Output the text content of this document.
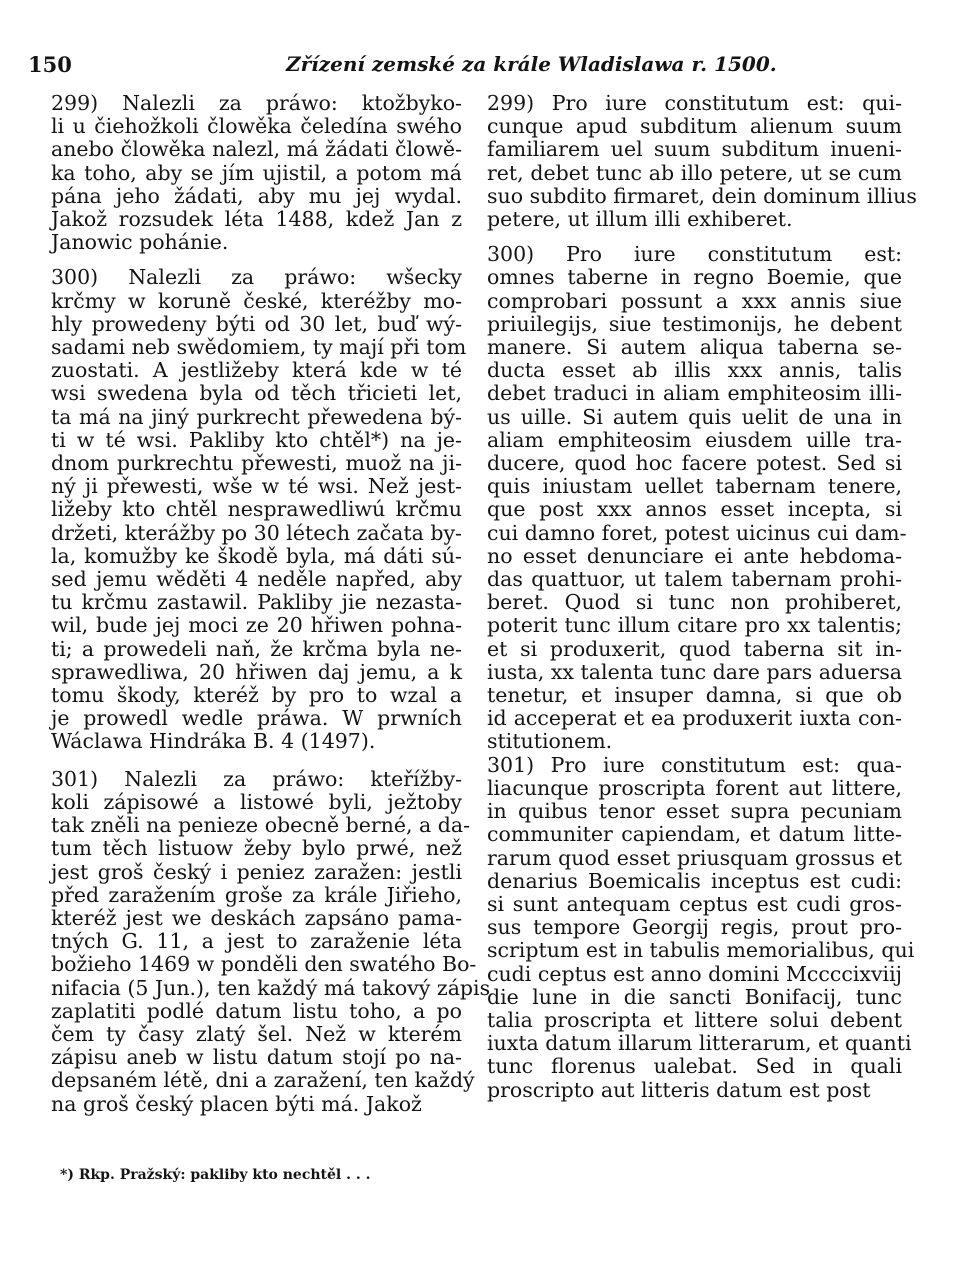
150	Zřízení zemské za krále Wladislawa r. 1500.
299) Nalezli za práwo: ktožbyko-
li u čiehožkoli člowěka čeledína swého
anebo člowěka nalezl, má žádati člowě-
ka toho, aby se jím ujistil, a potom má
pána jeho žádati, aby mu jej wydal.
Jakož rozsudek léta 1488, kdež Jan z
Janowic pohánie.
300) Nalezli za práwo: wšecky
krčmy w koruně české, kteréžby mo-
hly prowedeny býti od 30 let, buď wý-
sadami neb swědomiem, ty mají při tom
zuostati. A jestližeby která kde w té
wsi swedena byla od těch třicieti let,
ta má na jiný purkrecht přewedena bý-
ti w té wsi. Pakliby kto chtěl*) na je-
dnom purkrechtu přewesti, muož na ji-
ný ji přewesti, wše w té wsi. Než jest-
ližeby kto chtěl nesprawedliwú krčmu
držeti, kterážby po 30 létech začata by-
la, komužby ke škodě byla, má dáti sú-
sed jemu wěděti 4 neděle napřed, aby
tu krčmu zastawil. Pakliby jie nezasta-
wil, bude jej moci ze 20 hřiwen pohna-
ti; a prowedeli naň, že krčma byla ne-
sprawedliwa, 20 hřiwen daj jemu, a k
tomu škody, kteréž by pro to wzal a
je prowedl wedle práwa. W prwních
Wáclawa Hindráka B. 4 (1497).
301) Nalezli za práwo: kteřížby-
koli zápisowé a listowé byli, ježtoby
tak zněli na penieze obecně berné, a da-
tum těch listuow žeby bylo prwé, než
jest groš český i peniez zaražen: jestli
před zaražením groše za krále Jiřieho,
kteréž jest we deskách zapsáno pama-
tných G. 11, a jest to zaraženie léta
božieho 1469 w ponděli den swatého Bo-
nifacia (5 Jun.), ten každý má takový zápis
zaplatiti podlé datum listu toho, a po
čem ty časy zlatý šel. Než w kterém
zápisu aneb w listu datum stojí po na-
depsaném létě, dni a zaražení, ten každý
na groš český placen býti má. Jakož
299) Pro iure constitutum est: qui-
cunque apud subditum alienum suum
familiarem uel suum subditum inueni-
ret, debet tunc ab illo petere, ut se cum
suo subdito firmaret, dein dominum illius
petere, ut illum illi exhiberet.
300) Pro iure constitutum est:
omnes taberne in regno Boemie, que
comprobari possunt a xxx annis siue
priuilegijs, siue testimonijs, he debent
manere. Si autem aliqua taberna se-
ducta esset ab illis xxx annis, talis
debet traduci in aliam emphiteosim illi-
us uille. Si autem quis uelit de una in
aliam emphiteosim eiusdem uille tra-
ducere, quod hoc facere potest. Sed si
quis iniustam uellet tabernam tenere,
que post xxx annos esset incepta, si
cui damno foret, potest uicinus cui dam-
no esset denunciare ei ante hebdoma-
das quattuor, ut talem tabernam prohi-
beret. Quod si tunc non prohiberet,
poterit tunc illum citare pro xx talentis;
et si produxerit, quod taberna sit in-
iusta, xx talenta tunc dare pars aduersa
tenetur, et insuper damna, si que ob
id acceperat et ea produxerit iuxta con-
stitutionem.
301) Pro iure constitutum est: qua-
liacunque proscripta forent aut littere,
in quibus tenor esset supra pecuniam
communiter capiendam, et datum litte-
rarum quod esset priusquam grossus et
denarius Boemicalis inceptus est cudi:
si sunt antequam ceptus est cudi gros-
sus tempore Georgij regis, prout pro-
scriptum est in tabulis memorialibus, qui
cudi ceptus est anno domini Mccccixviij
die lune in die sancti Bonifacij, tunc
talia proscripta et littere solui debent
iuxta datum illarum litterarum, et quanti
tunc florenus ualebat. Sed in quali
proscripto aut litteris datum est post
*) Rkp. Pražský: pakliby kto nechtěl . . .
